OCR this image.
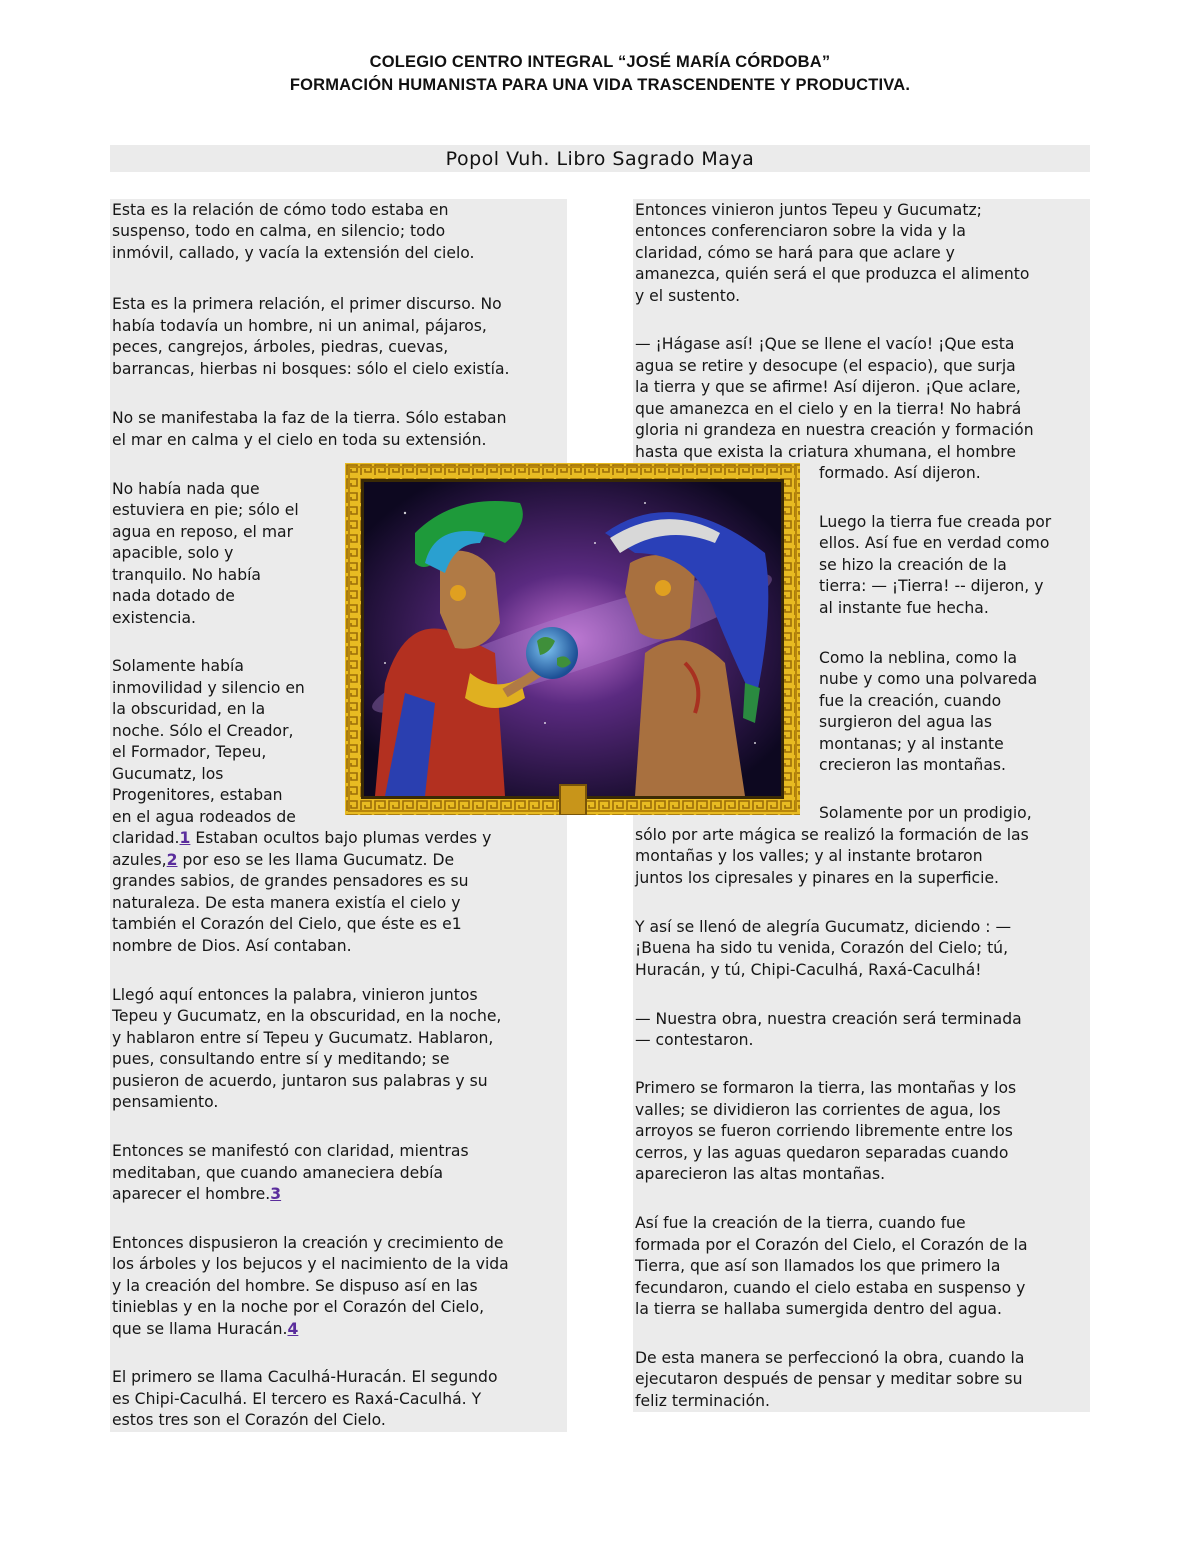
COLEGIO CENTRO INTEGRAL “JOSÉ MARÍA CÓRDOBA”
FORMACIÓN HUMANISTA PARA UNA VIDA TRASCENDENTE Y PRODUCTIVA.
Popol Vuh. Libro Sagrado Maya
Esta es la relación de cómo todo estaba en
suspenso, todo en calma, en silencio; todo
inmóvil, callado, y vacía la extensión del cielo.
Esta es la primera relación, el primer discurso. No
había todavía un hombre, ni un animal, pájaros,
peces, cangrejos, árboles, piedras, cuevas,
barrancas, hierbas ni bosques: sólo el cielo existía.
No se manifestaba la faz de la tierra. Sólo estaban
el mar en calma y el cielo en toda su extensión.
No había nada que
estuviera en pie; sólo el
agua en reposo, el mar
apacible, solo y
tranquilo. No había
nada dotado de
existencia.
Solamente había
inmovilidad y silencio en
la obscuridad, en la
noche. Sólo el Creador,
el Formador, Tepeu,
Gucumatz, los
Progenitores, estaban
en el agua rodeados de
claridad.1 Estaban ocultos bajo plumas verdes y
azules,2 por eso se les llama Gucumatz. De
grandes sabios, de grandes pensadores es su
naturaleza. De esta manera existía el cielo y
también el Corazón del Cielo, que éste es e1
nombre de Dios. Así contaban.
Llegó aquí entonces la palabra, vinieron juntos
Tepeu y Gucumatz, en la obscuridad, en la noche,
y hablaron entre sí Tepeu y Gucumatz. Hablaron,
pues, consultando entre sí y meditando; se
pusieron de acuerdo, juntaron sus palabras y su
pensamiento.
Entonces se manifestó con claridad, mientras
meditaban, que cuando amaneciera debía
aparecer el hombre.3
Entonces dispusieron la creación y crecimiento de
los árboles y los bejucos y el nacimiento de la vida
y la creación del hombre. Se dispuso así en las
tinieblas y en la noche por el Corazón del Cielo,
que se llama Huracán.4
El primero se llama Caculhá-Huracán. El segundo
es Chipi-Caculhá. El tercero es Raxá-Caculhá. Y
estos tres son el Corazón del Cielo.
Entonces vinieron juntos Tepeu y Gucumatz;
entonces conferenciaron sobre la vida y la
claridad, cómo se hará para que aclare y
amanezca, quién será el que produzca el alimento
y el sustento.
— ¡Hágase así! ¡Que se llene el vacío! ¡Que esta
agua se retire y desocupe (el espacio), que surja
la tierra y que se afirme! Así dijeron. ¡Que aclare,
que amanezca en el cielo y en la tierra! No habrá
gloria ni grandeza en nuestra creación y formación
hasta que exista la criatura xhumana, el hombre
formado. Así dijeron.
Luego la tierra fue creada por
ellos. Así fue en verdad como
se hizo la creación de la
tierra: — ¡Tierra! -- dijeron, y
al instante fue hecha.
Como la neblina, como la
nube y como una polvareda
fue la creación, cuando
surgieron del agua las
montanas; y al instante
crecieron las montañas.
Solamente por un prodigio,
sólo por arte mágica se realizó la formación de las
montañas y los valles; y al instante brotaron
juntos los cipresales y pinares en la superficie.
Y así se llenó de alegría Gucumatz, diciendo : —
¡Buena ha sido tu venida, Corazón del Cielo; tú,
Huracán, y tú, Chipi-Caculhá, Raxá-Caculhá!
— Nuestra obra, nuestra creación será terminada
— contestaron.
Primero se formaron la tierra, las montañas y los
valles; se dividieron las corrientes de agua, los
arroyos se fueron corriendo libremente entre los
cerros, y las aguas quedaron separadas cuando
aparecieron las altas montañas.
Así fue la creación de la tierra, cuando fue
formada por el Corazón del Cielo, el Corazón de la
Tierra, que así son llamados los que primero la
fecundaron, cuando el cielo estaba en suspenso y
la tierra se hallaba sumergida dentro del agua.
De esta manera se perfeccionó la obra, cuando la
ejecutaron después de pensar y meditar sobre su
feliz terminación.
